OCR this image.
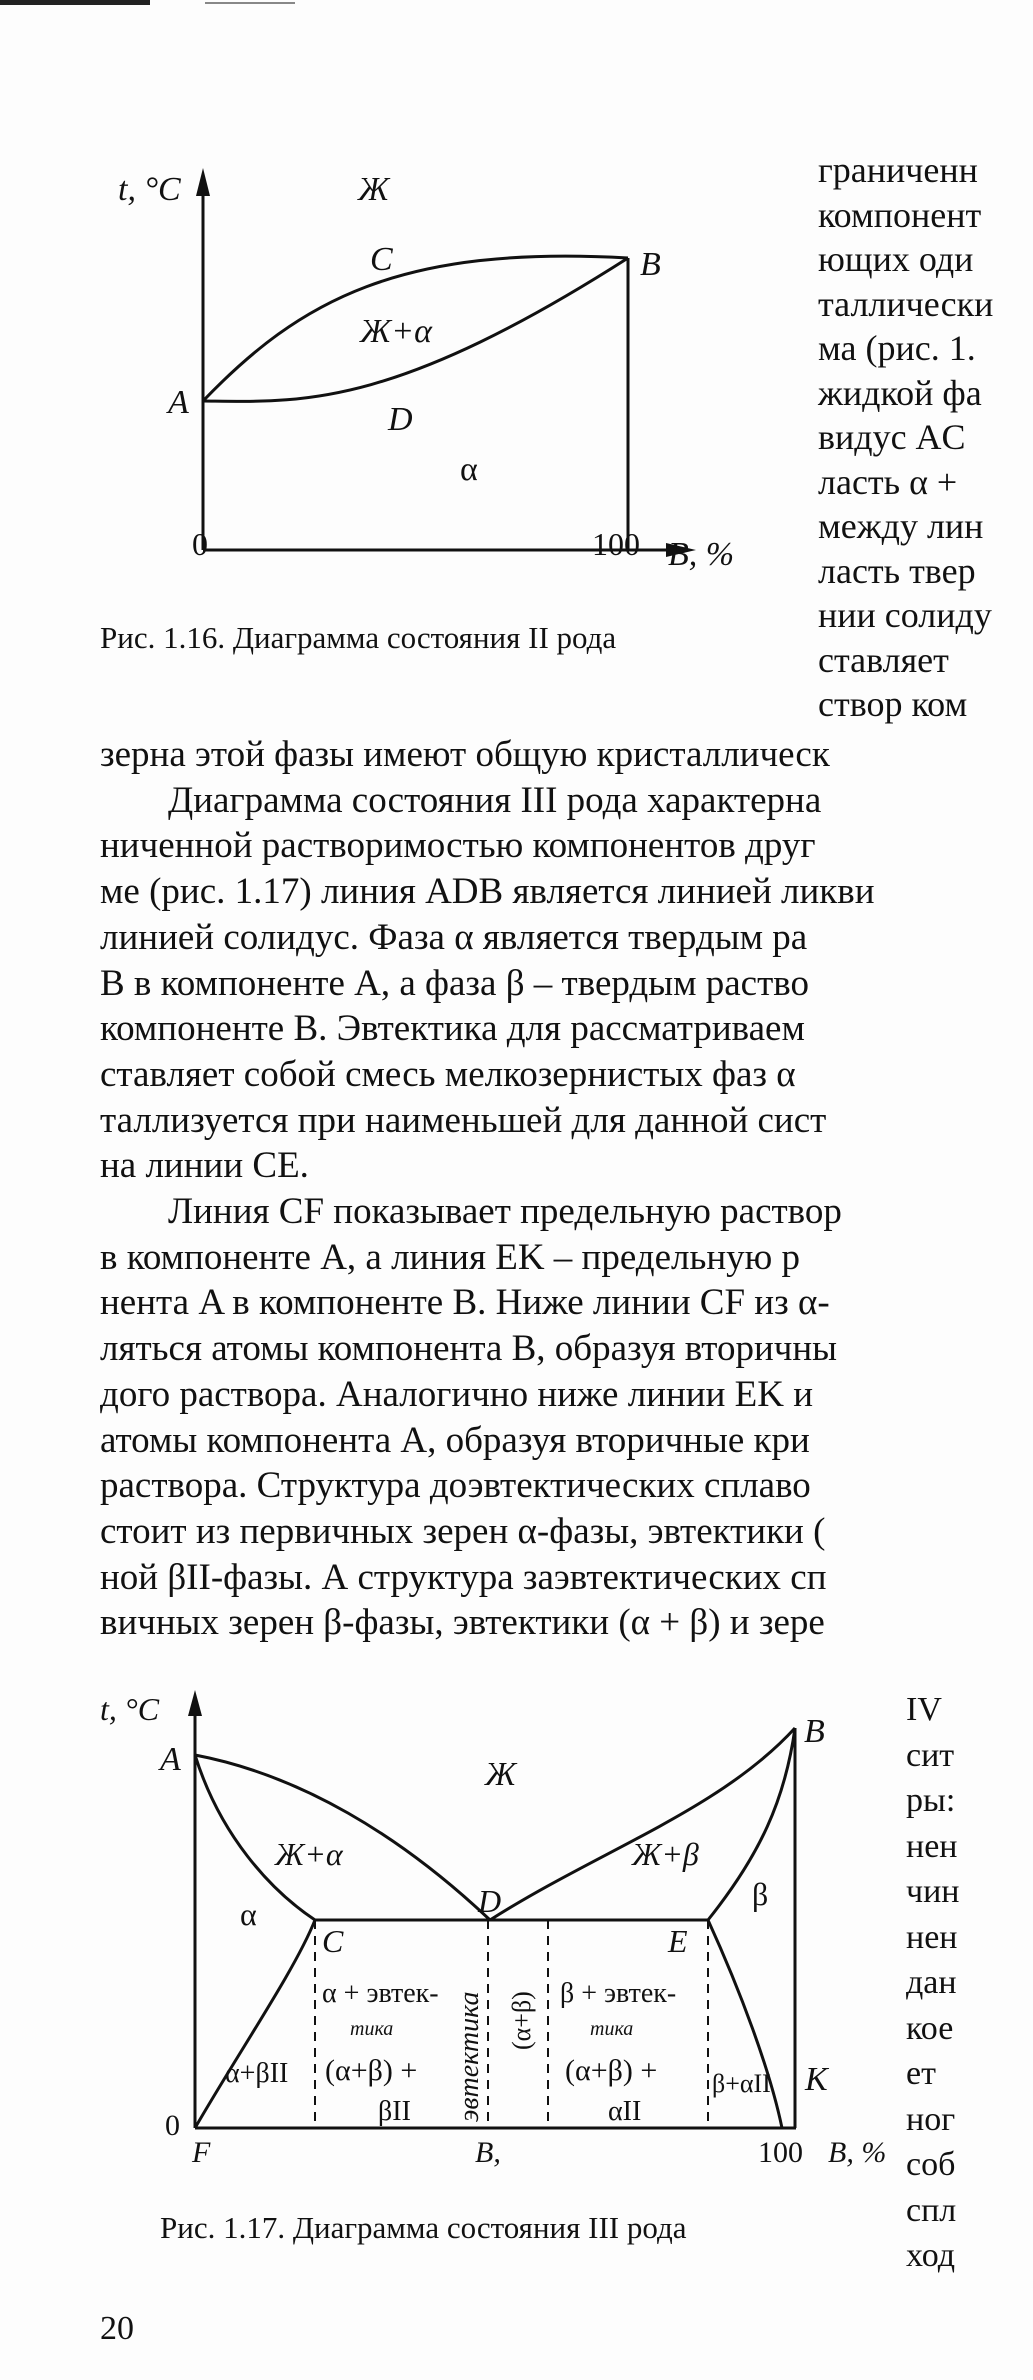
t, °C	Ж
C	B
Ж+α
A	D
α
0	100 B, %
Рис. 1.16. Диаграмма состояния II рода
граниченн
компонент
ющих оди
таллически
ма (рис. 1.
жидкой фа
видус AC
ласть α +
между лин
ласть твер
нии солиду
ставляет
створ ком
зерна этой фазы имеют общую кристаллическ
Диаграмма состояния III рода характерна
ниченной растворимостью компонентов друг
ме (рис. 1.17) линия ADB является линией ликви
линией солидус. Фаза α является твердым ра
B в компоненте A, а фаза β – твердым раство
компоненте B. Эвтектика для рассматриваем
ставляет собой смесь мелкозернистых фаз α
таллизуется при наименьшей для данной сист
на линии CE.
Линия CF показывает предельную раствор
в компоненте A, а линия EK – предельную р
нента A в компоненте B. Ниже линии CF из α-
ляться атомы компонента B, образуя вторичны
дого раствора. Аналогично ниже линии EK и
атомы компонента A, образуя вторичные кри
раствора. Структура доэвтектических сплаво
стоит из первичных зерен α-фазы, эвтектики (
ной βII-фазы. А структура заэвтектических сп
вичных зерен β-фазы, эвтектики (α + β) и зере
t, °C
A
B
Ж
Ж+α	Ж+β
D
α
β
C	E
α + эвтек-
тика
(α+β) +
βII
β + эвтек-
тика
(α+β) +
αII
эвтектика (α+β)
α+βII	β+αII
0
F	B,	100
K
B, %
Рис. 1.17. Диаграмма состояния III рода
IV
сит
ры:
нен
чин
нен
дан
кое
ет
ног
соб
спл
ход
20
